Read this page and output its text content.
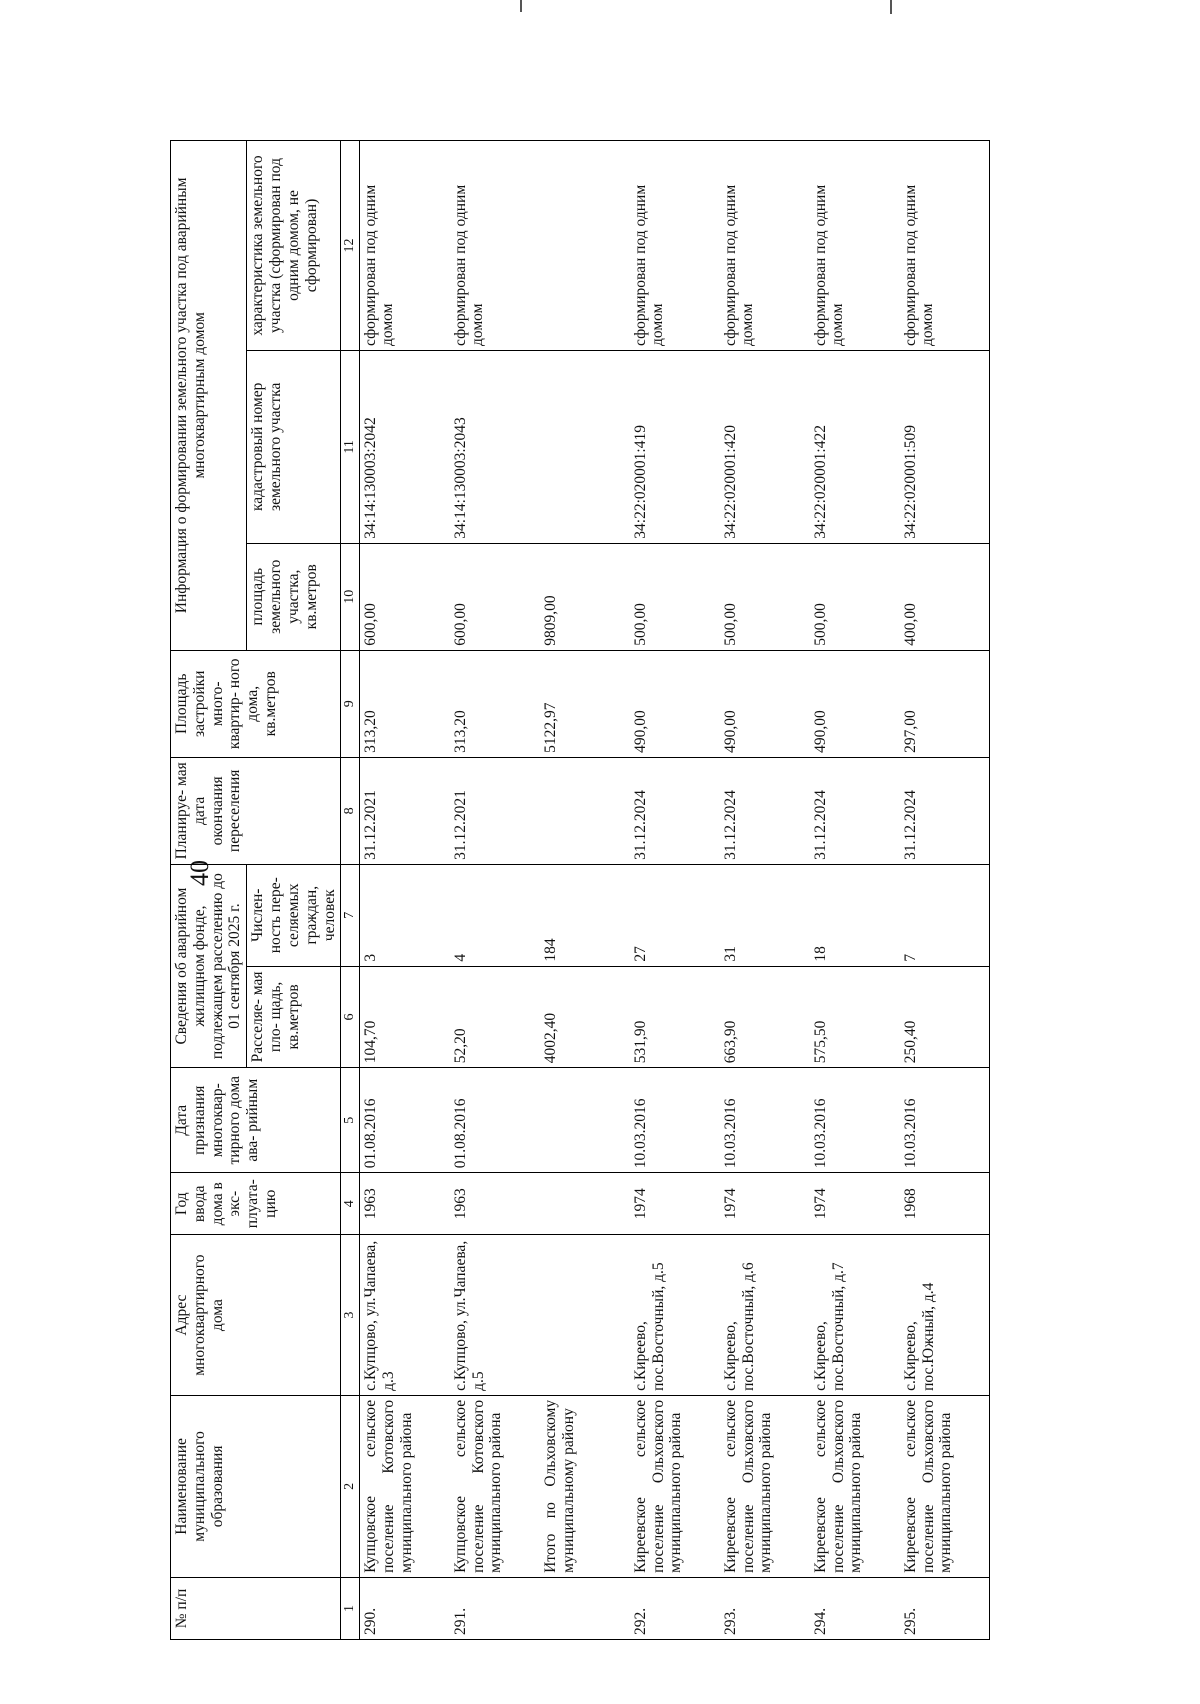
40
№ п/п	Наименование муниципального образования	Адрес многоквартирного дома	Год ввода дома в экс- плуата- цию	Дата признания многоквар- тирного дома ава- рийным	Сведения об аварийном жилищном фонде, подлежащем расселению до 01 сентября 2025 г.		Планируе- мая дата окончания переселения	Площадь застройки много- квартир- ного дома, кв.метров	Информация о формировании земельного участка под аварийным многоквартирным домом		
					Расселяе- мая пло- щадь, кв.метров	Числен- ность пере- селяемых граждан, человек			площадь земельного участка, кв.метров	кадастровый номер земельного участка	характеристика земельного участка (сформирован под одним домом, не сформирован)
1	2	3	4	5	6	7	8	9	10	11	12
290.	Купцовское сельское поселение Котовского муниципального района	с.Купцово, ул.Чапаева, д.3	1963	01.08.2016	104,70	3	31.12.2021	313,20	600,00	34:14:130003:2042	сформирован под одним домом
291.	Купцовское сельское поселение Котовского муниципального района	с.Купцово, ул.Чапаева, д.5	1963	01.08.2016	52,20	4	31.12.2021	313,20	600,00	34:14:130003:2043	сформирован под одним домом
	Итого по Ольховскому муниципальному району				4002,40	184		5122,97	9809,00		
292.	Киреевское сельское поселение Ольховского муниципального района	с.Киреево, пос.Восточный, д.5	1974	10.03.2016	531,90	27	31.12.2024	490,00	500,00	34:22:020001:419	сформирован под одним домом
293.	Киреевское сельское поселение Ольховского муниципального района	с.Киреево, пос.Восточный, д.6	1974	10.03.2016	663,90	31	31.12.2024	490,00	500,00	34:22:020001:420	сформирован под одним домом
294.	Киреевское сельское поселение Ольховского муниципального района	с.Киреево, пос.Восточный, д.7	1974	10.03.2016	575,50	18	31.12.2024	490,00	500,00	34:22:020001:422	сформирован под одним домом
295.	Киреевское сельское поселение Ольховского муниципального района	с.Киреево, пос.Южный, д.4	1968	10.03.2016	250,40	7	31.12.2024	297,00	400,00	34:22:020001:509	сформирован под одним домом
